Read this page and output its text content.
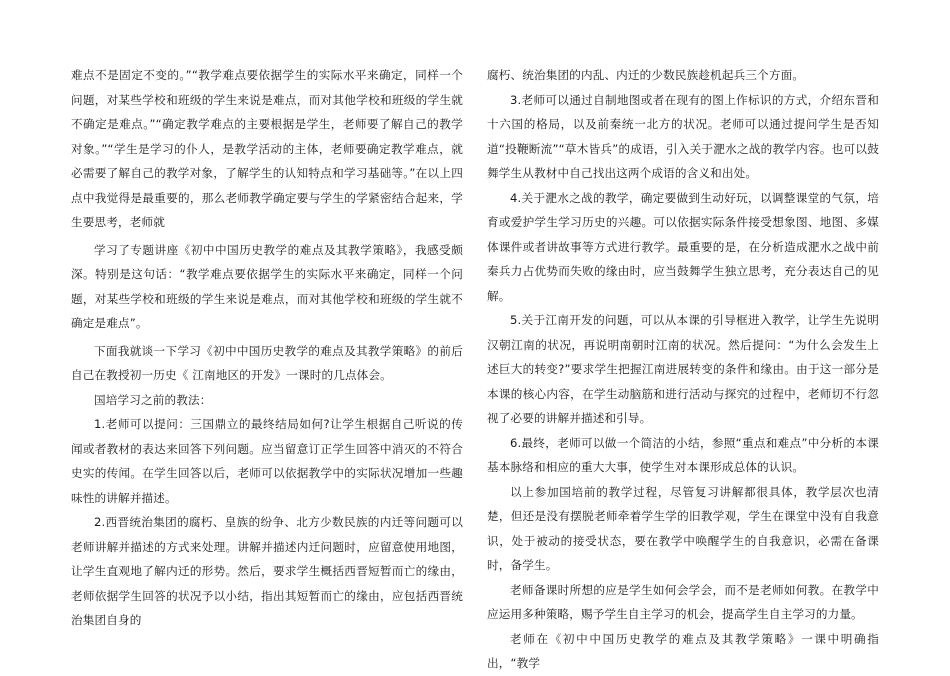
难点不是固定不变的。”“教学难点要依据学生的实际水平来确定，同样一个问题，对某些学校和班级的学生来说是难点，而对其他学校和班级的学生就不确定是难点。”“确定教学难点的主要根据是学生，老师要了解自己的教学对象。”“学生是学习的仆人，是教学活动的主体，老师要确定教学难点，就必需要了解自己的教学对象，了解学生的认知特点和学习基础等。”在以上四点中我觉得是最重要的，那么老师教学确定要与学生的学紧密结合起来，学生要思考，老师就

学习了专题讲座《初中中国历史教学的难点及其教学策略》，我感受颇深。特别是这句话：“教学难点要依据学生的实际水平来确定，同样一个问题，对某些学校和班级的学生来说是难点，而对其他学校和班级的学生就不确定是难点”。

下面我就谈一下学习《初中中国历史教学的难点及其教学策略》的前后自己在教授初一历史《 江南地区的开发》一课时的几点体会。

国培学习之前的教法：

1.老师可以提问：三国鼎立的最终结局如何?让学生根据自己听说的传闻或者教材的表达来回答下列问题。应当留意订正学生回答中消灭的不符合史实的传闻。在学生回答以后，老师可以依据教学中的实际状况增加一些趣味性的讲解并描述。

2.西晋统治集团的腐朽、皇族的纷争、北方少数民族的内迁等问题可以老师讲解并描述的方式来处理。讲解并描述内迁问题时，应留意使用地图，让学生直观地了解内迁的形势。然后，要求学生概括西晋短暂而亡的缘由，老师依据学生回答的状况予以小结，指出其短暂而亡的缘由，应包括西晋统治集团自身的

腐朽、统治集团的内乱、内迁的少数民族趁机起兵三个方面。

3.老师可以通过自制地图或者在现有的图上作标识的方式，介绍东晋和十六国的格局，以及前秦统一北方的状况。老师可以通过提问学生是否知道“投鞭断流”“草木皆兵”的成语，引入关于淝水之战的教学内容。也可以鼓舞学生从教材中自己找出这两个成语的含义和出处。

4.关于淝水之战的教学，确定要做到生动好玩，以调整课堂的气氛，培育或爱护学生学习历史的兴趣。可以依据实际条件接受想象图、地图、多媒体课件或者讲故事等方式进行教学。最重要的是，在分析造成淝水之战中前秦兵力占优势而失败的缘由时，应当鼓舞学生独立思考，充分表达自己的见解。

5.关于江南开发的问题，可以从本课的引导框进入教学，让学生先说明汉朝江南的状况，再说明南朝时江南的状况。然后提问：“为什么会发生上述巨大的转变?”要求学生把握江南进展转变的条件和缘由。由于这一部分是本课的核心内容，在学生动脑筋和进行活动与探究的过程中，老师切不行忽视了必要的讲解并描述和引导。

6.最终，老师可以做一个简洁的小结，参照“重点和难点”中分析的本课基本脉络和相应的重大大事，使学生对本课形成总体的认识。

以上参加国培前的教学过程，尽管复习讲解都很具体，教学层次也清楚，但还是没有摆脱老师牵着学生学的旧教学观，学生在课堂中没有自我意识，处于被动的接受状态，要在教学中唤醒学生的自我意识，必需在备课时，备学生。

老师备课时所想的应是学生如何会学会，而不是老师如何教。在教学中应运用多种策略，赐予学生自主学习的机会，提高学生自主学习的力量。

老师在《初中中国历史教学的难点及其教学策略》一课中明确指出，“教学
